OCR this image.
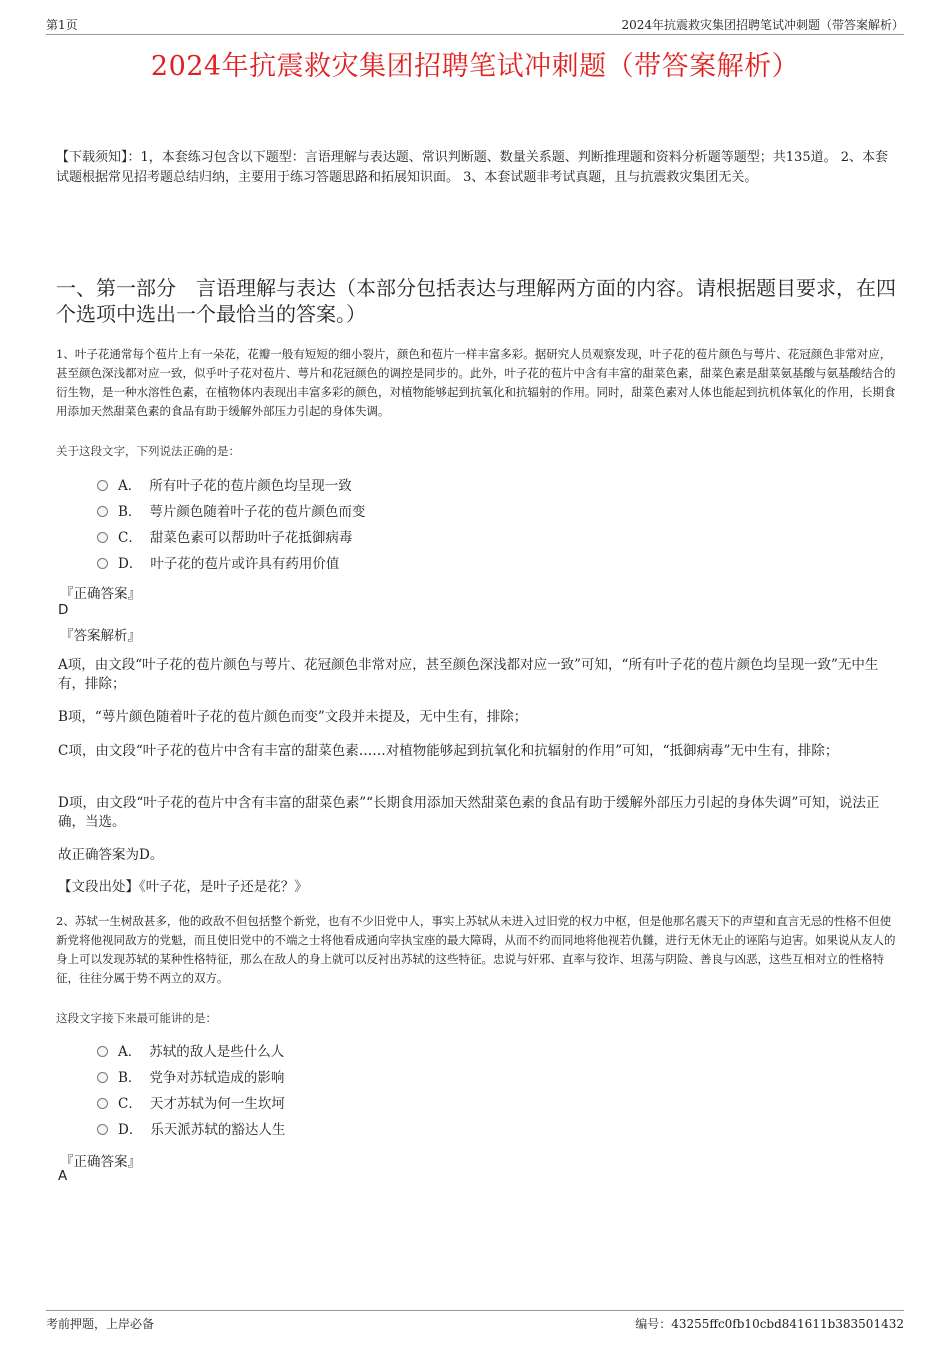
第1页	2024年抗震救灾集团招聘笔试冲刺题（带答案解析）
2024年抗震救灾集团招聘笔试冲刺题（带答案解析）
【下载须知】：1，本套练习包含以下题型：言语理解与表达题、常识判断题、数量关系题、判断推理题和资料分析题等题型；共135道。 2、本套试题根据常见招考题总结归纳，主要用于练习答题思路和拓展知识面。 3、本套试题非考试真题，且与抗震救灾集团无关。
一、第一部分　言语理解与表达（本部分包括表达与理解两方面的内容。请根据题目要求，在四个选项中选出一个最恰当的答案。）
1、叶子花通常每个苞片上有一朵花，花瓣一般有短短的细小裂片，颜色和苞片一样丰富多彩。据研究人员观察发现，叶子花的苞片颜色与萼片、花冠颜色非常对应，甚至颜色深浅都对应一致，似乎叶子花对苞片、萼片和花冠颜色的调控是同步的。此外，叶子花的苞片中含有丰富的甜菜色素，甜菜色素是甜菜氨基酸与氨基酸结合的衍生物，是一种水溶性色素，在植物体内表现出丰富多彩的颜色，对植物能够起到抗氧化和抗辐射的作用。同时，甜菜色素对人体也能起到抗机体氧化的作用，长期食用添加天然甜菜色素的食品有助于缓解外部压力引起的身体失调。
关于这段文字，下列说法正确的是：
A． 所有叶子花的苞片颜色均呈现一致
B． 萼片颜色随着叶子花的苞片颜色而变
C． 甜菜色素可以帮助叶子花抵御病毒
D． 叶子花的苞片或许具有药用价值
『正确答案』
D
『答案解析』
A项，由文段“叶子花的苞片颜色与萼片、花冠颜色非常对应，甚至颜色深浅都对应一致”可知，“所有叶子花的苞片颜色均呈现一致”无中生有，排除；
B项，“萼片颜色随着叶子花的苞片颜色而变”文段并未提及，无中生有，排除；
C项，由文段“叶子花的苞片中含有丰富的甜菜色素……对植物能够起到抗氧化和抗辐射的作用”可知，“抵御病毒”无中生有，排除；
D项，由文段“叶子花的苞片中含有丰富的甜菜色素”“长期食用添加天然甜菜色素的食品有助于缓解外部压力引起的身体失调”可知，说法正确，当选。
故正确答案为D。
【文段出处】《叶子花，是叶子还是花？》
2、苏轼一生树敌甚多，他的政敌不但包括整个新党，也有不少旧党中人，事实上苏轼从未进入过旧党的权力中枢，但是他那名震天下的声望和直言无忌的性格不但使新党将他视同敌方的党魁，而且使旧党中的不端之士将他看成通向宰执宝座的最大障碍，从而不约而同地将他视若仇雠，进行无休无止的诬陷与迫害。如果说从友人的身上可以发现苏轼的某种性格特征，那么在敌人的身上就可以反衬出苏轼的这些特征。忠说与奸邪、直率与狡诈、坦荡与阴险、善良与凶恶，这些互相对立的性格特征，往往分属于势不两立的双方。
这段文字接下来最可能讲的是：
A． 苏轼的敌人是些什么人
B． 党争对苏轼造成的影响
C． 天才苏轼为何一生坎坷
D． 乐天派苏轼的豁达人生
『正确答案』
A
考前押题，上岸必备	编号：43255ffc0fb10cbd841611b383501432
